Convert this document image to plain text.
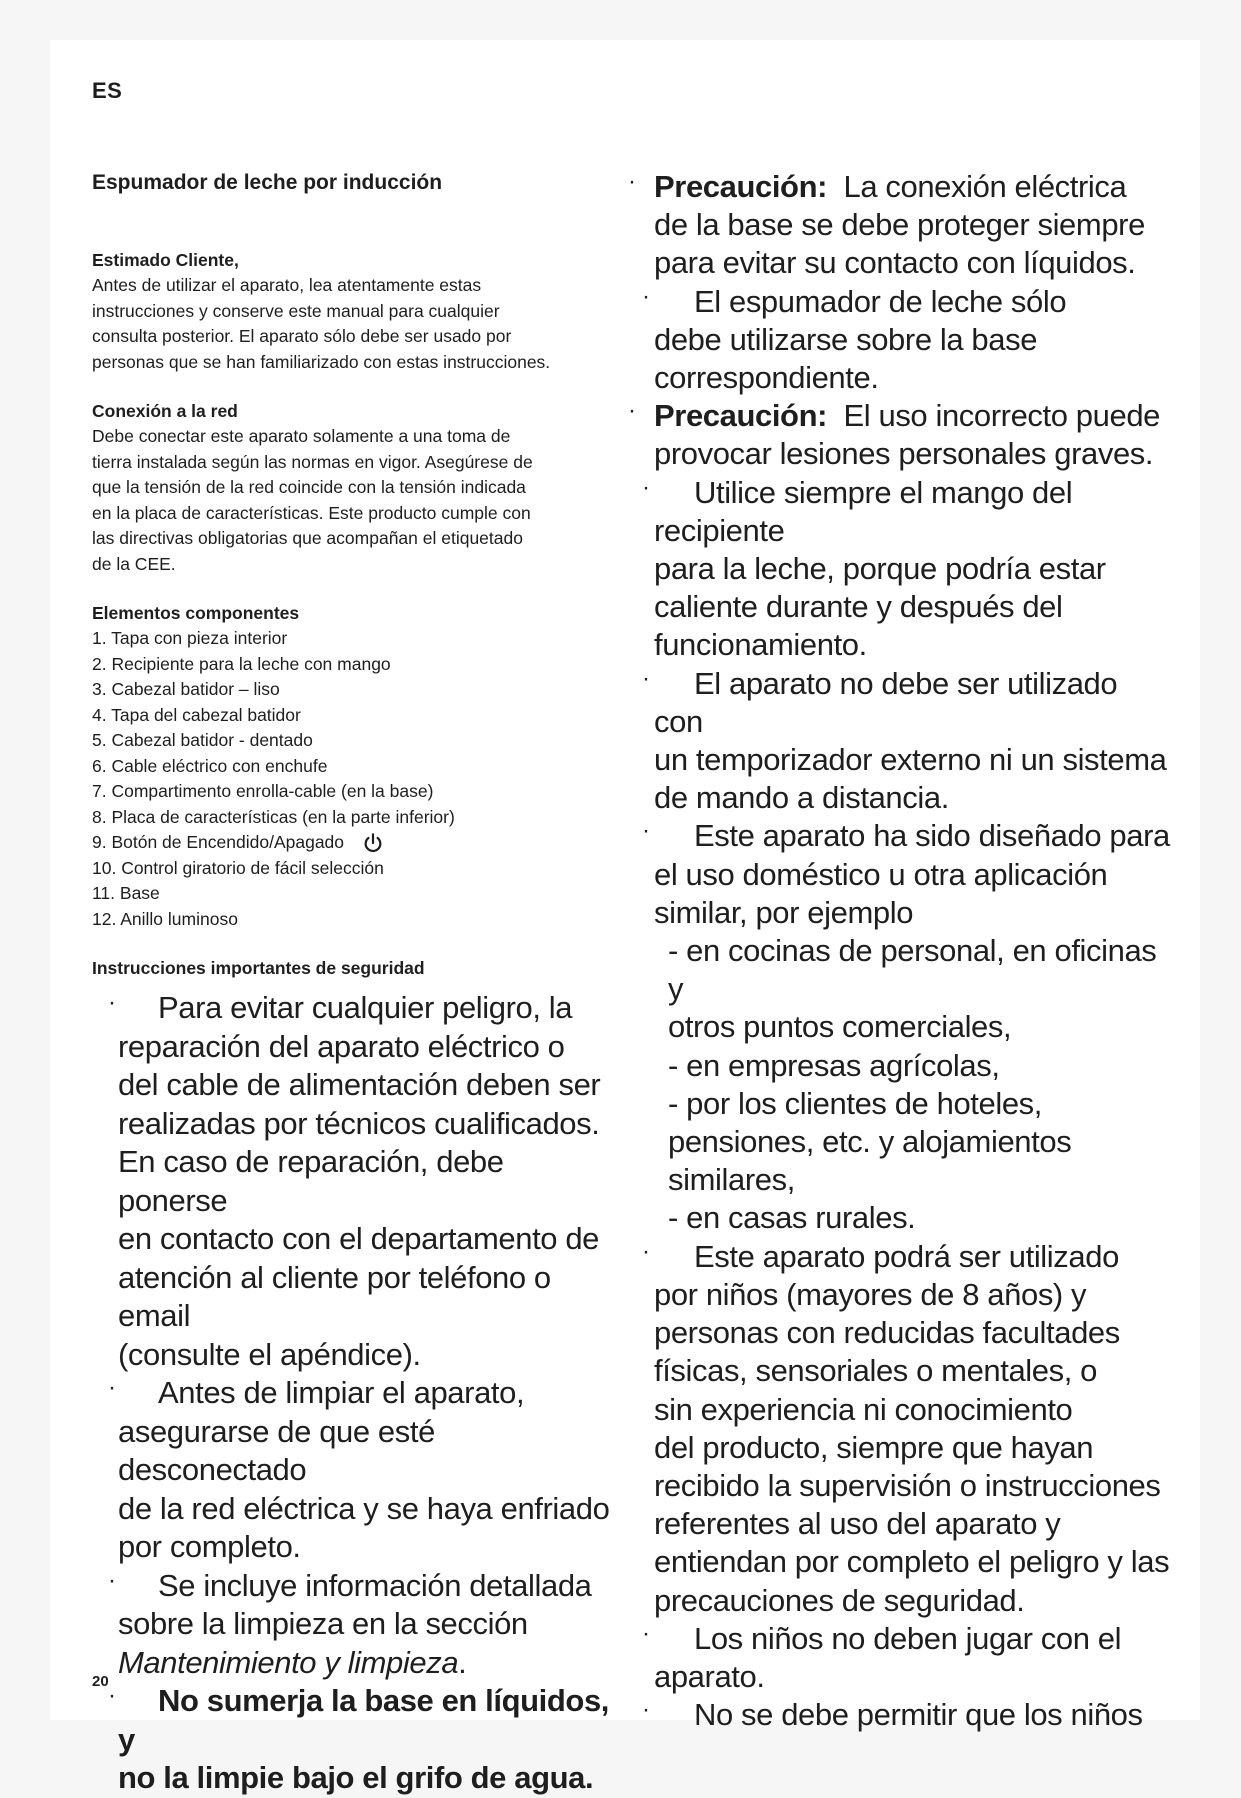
ES

Espumador de leche por inducción

Estimado Cliente,

Antes de utilizar el aparato, lea atentamente estas

instrucciones y conserve este manual para cualquier

consulta posterior. El aparato sólo debe ser usado por

personas que se han familiarizado con estas instrucciones.

Conexión a la red

Debe conectar este aparato solamente a una toma de

tierra instalada según las normas en vigor. Asegúrese de

que la tensión de la red coincide con la tensión indicada

en la placa de características. Este producto cumple con

las directivas obligatorias que acompañan el etiquetado

de la CEE.

Elementos componentes

1. Tapa con pieza interior
2. Recipiente para la leche con mango
3. Cabezal batidor – liso
4. Tapa del cabezal batidor
5. Cabezal batidor - dentado
6. Cable eléctrico con enchufe
7. Compartimento enrolla-cable (en la base)
8. Placa de características (en la parte inferior)
9. Botón de Encendido/Apagado
10. Control giratorio de fácil selección
11. Base
12. Anillo luminoso

Instrucciones importantes de seguridad

·	Para evitar cualquier peligro, la

reparación del aparato eléctrico o

del cable de alimentación deben ser

realizadas por técnicos cualificados.

En caso de reparación, debe ponerse

en contacto con el departamento de

atención al cliente por teléfono o email

(consulte el apéndice).

·	Antes de limpiar el aparato,

asegurarse de que esté desconectado

de la red eléctrica y se haya enfriado

por completo.

·	Se incluye información detallada

sobre la limpieza en la sección

Mantenimiento y limpieza.

·	No sumerja la base en líquidos, y

no la limpie bajo el grifo de agua.

· Precaución: La conexión eléctrica

de la base se debe proteger siempre

para evitar su contacto con líquidos.

·	El espumador de leche sólo

debe utilizarse sobre la base

correspondiente.

· Precaución: El uso incorrecto puede

provocar lesiones personales graves.

·	Utilice siempre el mango del recipiente

para la leche, porque podría estar

caliente durante y después del

funcionamiento.

·	El aparato no debe ser utilizado con

un temporizador externo ni un sistema

de mando a distancia.

·	Este aparato ha sido diseñado para

el uso doméstico u otra aplicación

similar, por ejemplo

- en cocinas de personal, en oficinas y

otros puntos comerciales,

- en empresas agrícolas,

- por los clientes de hoteles,

pensiones, etc. y alojamientos

similares,

- en casas rurales.

·	Este aparato podrá ser utilizado

por niños (mayores de 8 años) y

personas con reducidas facultades

físicas, sensoriales o mentales, o

sin experiencia ni conocimiento

del producto, siempre que hayan

recibido la supervisión o instrucciones

referentes al uso del aparato y

entiendan por completo el peligro y las

precauciones de seguridad.

·	Los niños no deben jugar con el

aparato.

·	No se debe permitir que los niños

20
